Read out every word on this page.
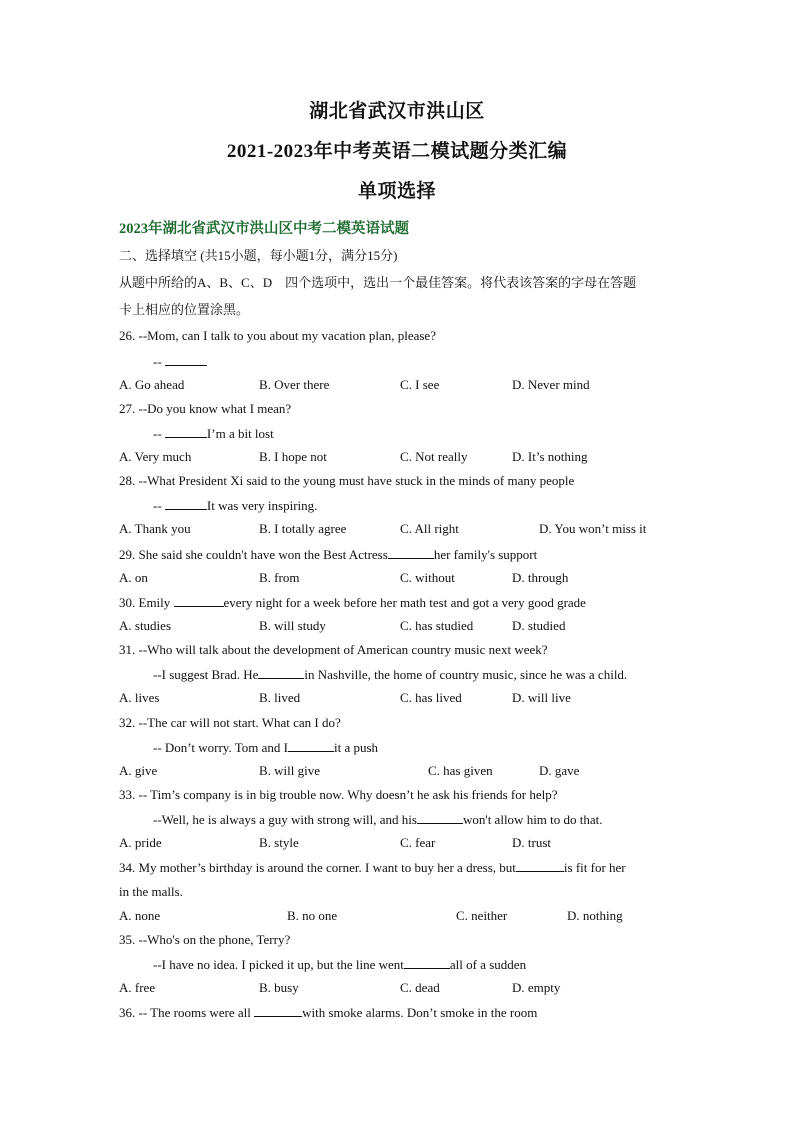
湖北省武汉市洪山区
2021-2023年中考英语二模试题分类汇编
单项选择
2023年湖北省武汉市洪山区中考二模英语试题
二、选择填空 (共15小题，每小题1分，满分15分)
从题中所给的A、B、C、D　四个选项中，选出一个最佳答案。将代表该答案的字母在答题
卡上相应的位置涂黑。
26. --Mom, can I talk to you about my vacation plan, please?
--
A. Go ahead	B. Over there	C. I see	D. Never mind
27. --Do you know what I mean?
--	I’m a bit lost
A. Very much	B. I hope not	C. Not really	D. It’s nothing
28. --What President Xi said to the young must have stuck in the minds of many people
--	It was very inspiring.
A. Thank you	B. I totally agree	C. All right	D. You won’t miss it
29. She said she couldn't have won the Best Actress	her family's support
A. on	B. from	C. without	D. through
30. Emily	every night for a week before her math test and got a very good grade
A. studies	B. will study	C. has studied	D. studied
31. --Who will talk about the development of American country music next week?
--I suggest Brad. He	in Nashville, the home of country music, since he was a child.
A. lives	B. lived	C. has lived	D. will live
32. --The car will not start. What can I do?
-- Don’t worry. Tom and I	it a push
A. give	B. will give	C. has given	D. gave
33. -- Tim’s company is in big trouble now. Why doesn’t he ask his friends for help?
--Well, he is always a guy with strong will, and his	won't allow him to do that.
A. pride	B. style	C. fear	D. trust
34. My mother’s birthday is around the corner. I want to buy her a dress, but	is fit for her
in the malls.
A. none	B. no one	C. neither	D. nothing
35. --Who's on the phone, Terry?
--I have no idea. I picked it up, but the line went	all of a sudden
A. free	B. busy	C. dead	D. empty
36. -- The rooms were all	with smoke alarms. Don’t smoke in the room
